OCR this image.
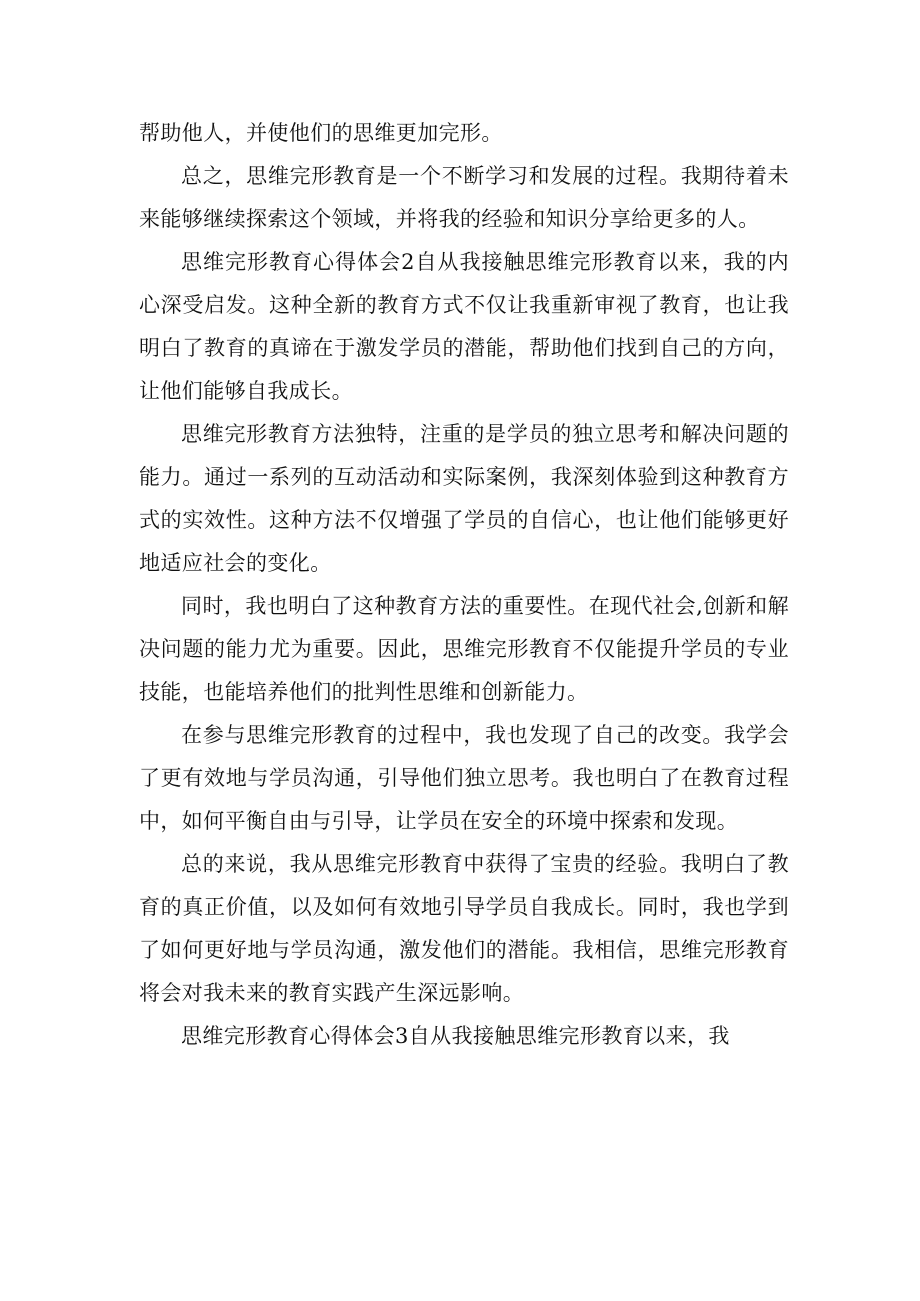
帮助他人，并使他们的思维更加完形。

总之，思维完形教育是一个不断学习和发展的过程。我期待着未来能够继续探索这个领域，并将我的经验和知识分享给更多的人。

思维完形教育心得体会2自从我接触思维完形教育以来，我的内心深受启发。这种全新的教育方式不仅让我重新审视了教育，也让我明白了教育的真谛在于激发学员的潜能，帮助他们找到自己的方向，让他们能够自我成长。

思维完形教育方法独特，注重的是学员的独立思考和解决问题的能力。通过一系列的互动活动和实际案例，我深刻体验到这种教育方式的实效性。这种方法不仅增强了学员的自信心，也让他们能够更好地适应社会的变化。

同时，我也明白了这种教育方法的重要性。在现代社会,创新和解决问题的能力尤为重要。因此，思维完形教育不仅能提升学员的专业技能，也能培养他们的批判性思维和创新能力。

在参与思维完形教育的过程中，我也发现了自己的改变。我学会了更有效地与学员沟通，引导他们独立思考。我也明白了在教育过程中，如何平衡自由与引导，让学员在安全的环境中探索和发现。

总的来说，我从思维完形教育中获得了宝贵的经验。我明白了教育的真正价值，以及如何有效地引导学员自我成长。同时，我也学到了如何更好地与学员沟通，激发他们的潜能。我相信，思维完形教育将会对我未来的教育实践产生深远影响。

思维完形教育心得体会3自从我接触思维完形教育以来，我
